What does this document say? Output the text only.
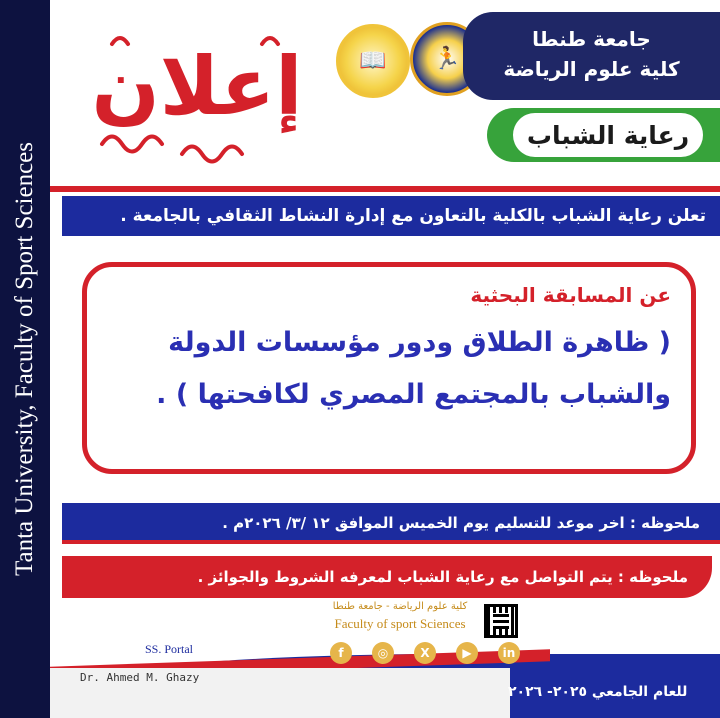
Tanta University, Faculty of Sport Sciences
إعلان	📖 🏃
جامعة طنطا
كلية علوم الرياضة
رعاية الشباب
تعلن رعاية الشباب بالكلية بالتعاون مع إدارة النشاط الثقافي بالجامعة .
عن المسابقة البحثية
( ظاهرة الطلاق ودور مؤسسات الدولة
والشباب بالمجتمع المصري لكافحتها ) .
ملحوظه : اخر موعد للتسليم يوم الخميس الموافق ١٢ /٣/ ٢٠٢٦م .
ملحوظه : يتم التواصل مع رعاية الشباب لمعرفه الشروط والجوائز .
كلية علوم الرياضة - جامعة طنطا
Faculty of sport Sciences
SS. Portal	f	◎	X	▶	in
Dr. Ahmed M. Ghazy
للعام الجامعي ٢٠٢٥- ٢٠٢٦
